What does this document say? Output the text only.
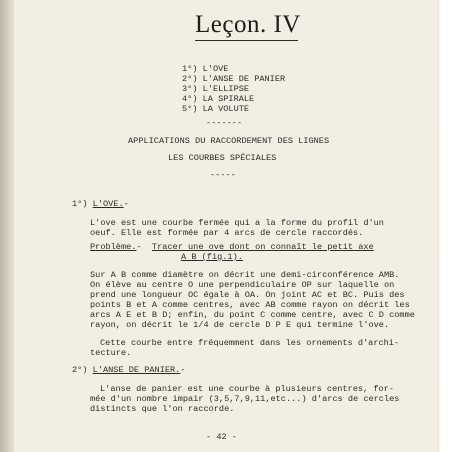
Leçon. IV
1°) L'OVE
2°) L'ANSE DE PANIER
3°) L'ELLIPSE
4°) LA SPIRALE
5°) LA VOLUTE
-------
APPLICATIONS DU RACCORDEMENT DES LIGNES
LES COURBES SPÉCIALES
-----
1°) L'OVE.-
L'ove est une courbe fermée qui a la forme du profil d'un
oeuf. Elle est formée par 4 arcs de cercle raccordés.
Problème.- Tracer une ove dont on connaît le petit axe
A B (fig.1).
Sur A B comme diamètre on décrit une demi-circonférence AMB.
On élève au centre O une perpendiculaire OP sur laquelle on
prend une longueur OC égale à OA. On joint AC et BC. Puis des
points B et A comme centres, avec AB comme rayon on décrit les
arcs A E et B D; enfin, du point C comme centre, avec C D comme
rayon, on décrit le 1/4 de cercle D P E qui termine l'ove.
Cette courbe entre fréquemment dans les ornements d'archi-
tecture.
2°) L'ANSE DE PANIER.-
L'anse de panier est une courbe à plusieurs centres, for-
mée d'un nombre impair (3,5,7,9,11,etc...) d'arcs de cercles
distincts que l'on raccorde.
- 42 -
